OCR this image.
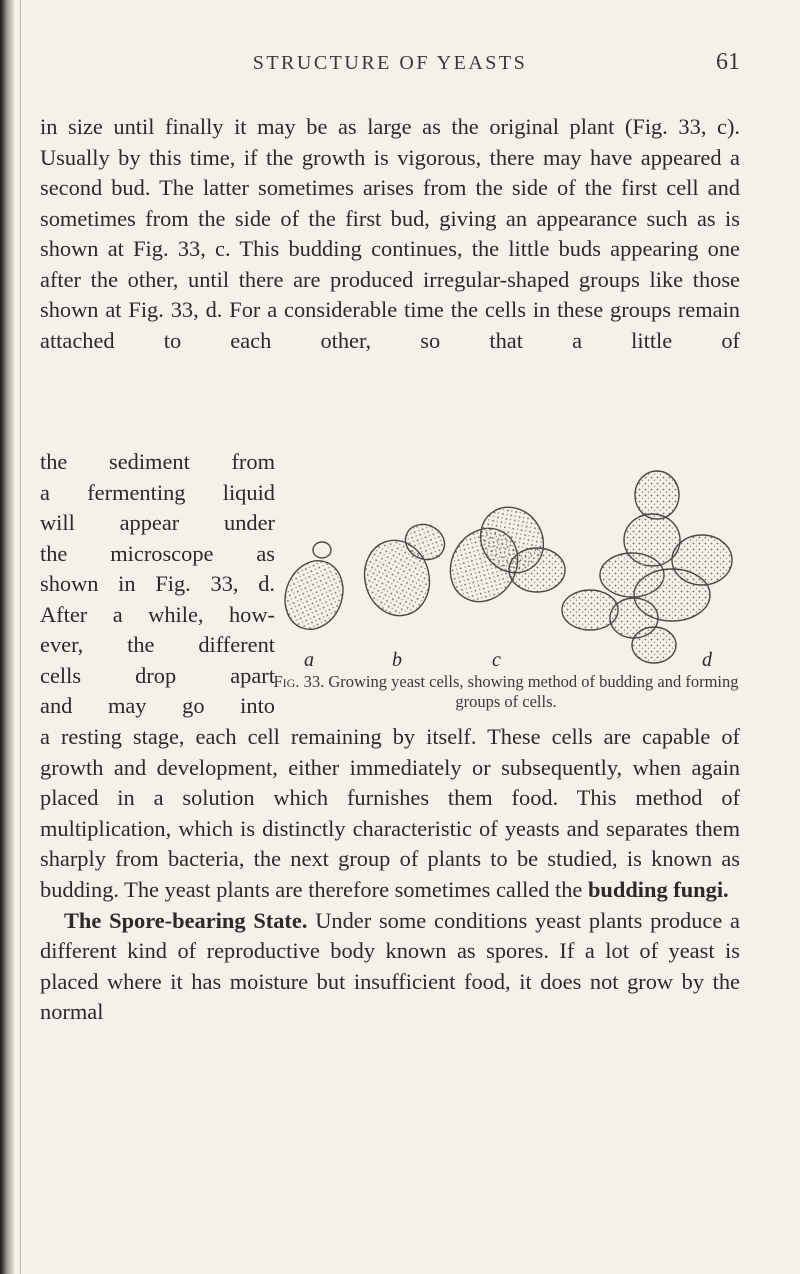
STRUCTURE OF YEASTS	61

in size until finally it may be as large as the original plant (Fig. 33, c). Usually by this time, if the growth is vigorous, there may have appeared a second bud. The latter sometimes arises from the side of the first cell and sometimes from the side of the first bud, giving an appearance such as is shown at Fig. 33, c. This budding continues, the little buds appearing one after the other, until there are produced irregular-shaped groups like those shown at Fig. 33, d. For a considerable time the cells in these groups remain attached to each other, so that a little of

the sediment from
a fermenting liquid
will appear under
the microscope as
shown in Fig. 33, d.
After a while, how-
ever, the different
cells drop apart
and may go into
a	b	c	d
Fig. 33. Growing yeast cells, showing method of budding and forming groups of cells.

a resting stage, each cell remaining by itself. These cells are capable of growth and development, either immediately or subsequently, when again placed in a solution which furnishes them food. This method of multiplication, which is distinctly characteristic of yeasts and separates them sharply from bacteria, the next group of plants to be studied, is known as budding. The yeast plants are therefore sometimes called the budding fungi.

The Spore-bearing State. Under some conditions yeast plants produce a different kind of reproductive body known as spores. If a lot of yeast is placed where it has moisture but insufficient food, it does not grow by the normal
